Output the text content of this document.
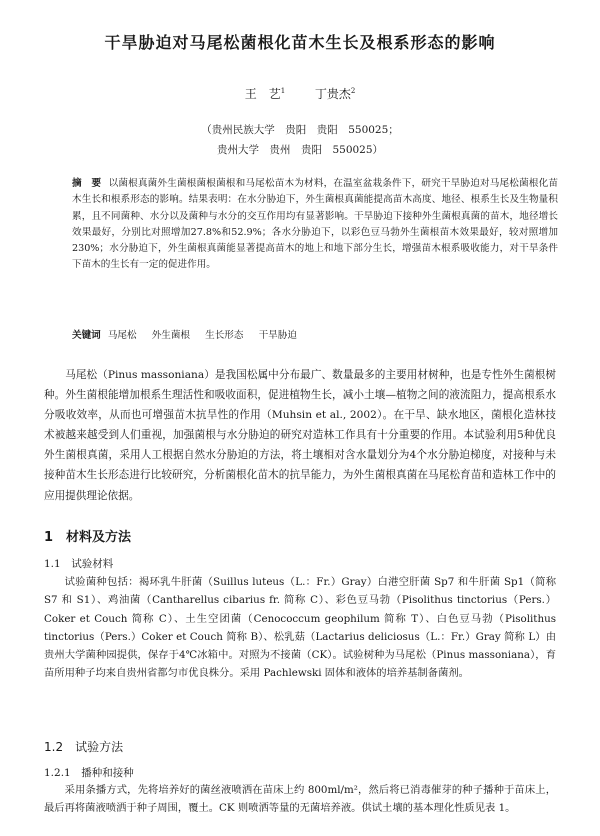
干旱胁迫对马尾松菌根化苗木生长及根系形态的影响
王　艺$^1$ 丁贵杰$^2$
（贵州民族大学　贵阳　贵阳　550025；
贵州大学　贵州　贵阳　550025）
摘　要 以菌根真菌外生菌根菌根菌根和马尾松苗木为材料，在温室盆栽条件下，研究干旱胁迫对马尾松菌根化苗木生长和根系形态的影响。结果表明：在水分胁迫下，外生菌根真菌能提高苗木高度、地径、根系生长及生物量积累，且不同菌种、水分以及菌种与水分的交互作用均有显著影响。干旱胁迫下接种外生菌根真菌的苗木，地径增长效果最好，分别比对照增加27.8%和52.9%；各水分胁迫下，以彩色豆马勃外生菌根苗木效果最好，较对照增加230%；水分胁迫下，外生菌根真菌能显著提高苗木的地上和地下部分生长，增强苗木根系吸收能力，对干旱条件下苗木的生长有一定的促进作用。
关键词 马尾松 外生菌根 生长形态 干旱胁迫
马尾松（Pinus massoniana）是我国松属中分布最广、数量最多的主要用材树种，也是专性外生菌根树种。外生菌根能增加根系生理活性和吸收面积，促进植物生长，减小土壤—植物之间的液流阻力，提高根系水分吸收效率，从而也可增强苗木抗旱性的作用（Muhsin et al., 2002）。在干旱、缺水地区，菌根化造林技术被越来越受到人们重视，加强菌根与水分胁迫的研究对造林工作具有十分重要的作用。本试验利用5种优良外生菌根真菌，采用人工根据自然水分胁迫的方法，将土壤相对含水量划分为4个水分胁迫梯度，对接种与未接种苗木生长形态进行比较研究，分析菌根化苗木的抗旱能力，为外生菌根真菌在马尾松育苗和造林工作中的应用提供理论依据。
1　材料及方法
1.1　试验材料
试验菌种包括：褐环乳牛肝菌（Suillus luteus（L.：Fr.）Gray）白港空肝菌 Sp7 和牛肝菌 Sp1（简称 S7 和 S1）、鸡油菌（Cantharellus cibarius fr. 简称 C）、彩色豆马勃（Pisolithus tinctorius（Pers.）Coker et Couch 简称 C）、土生空团菌（Cenococcum geophilum 简称 T）、白色豆马勃（Pisolithus tinctorius（Pers.）Coker et Couch 简称 B）、松乳菇（Lactarius deliciosus（L.：Fr.）Gray 简称 L）由贵州大学菌种园提供，保存于4℃冰箱中。对照为不接菌（CK）。试验树种为马尾松（Pinus massoniana），育苗所用种子均来自贵州省都匀市优良株分。采用 Pachlewski 固体和液体的培养基制备菌剂。
1.2　试验方法
1.2.1　播种和接种
采用条播方式，先将培养好的菌丝液喷洒在苗床上约 800ml/m²，然后将已消毒催芽的种子播种于苗床上，最后再将菌液喷洒于种子周围，覆土。CK 则喷洒等量的无菌培养液。供试土壤的基本理化性质见表 1。
